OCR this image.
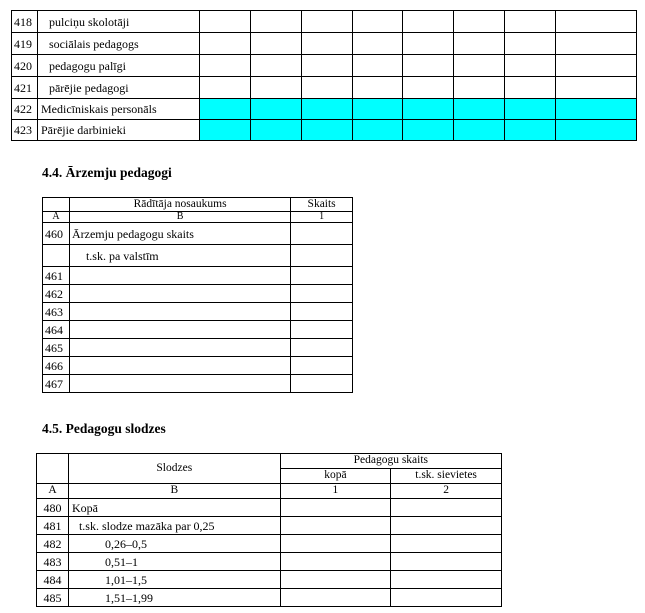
418	pulciņu skolotāji								
419	sociālais pedagogs								
420	pedagogu palīgi								
421	pārējie pedagogi								
422	Medicīniskais personāls								
423	Pārējie darbinieki								
4.4. Ārzemju pedagogi
	Rādītāja nosaukums	Skaits
A	B	1
460	Ārzemju pedagogu skaits	
	t.sk. pa valstīm	
461		
462		
463		
464		
465		
466		
467		
4.5. Pedagogu slodzes
	Slodzes	Pedagogu skaits	
		kopā	t.sk. sievietes
A	B	1	2
480	Kopā		
481	t.sk. slodze mazāka par 0,25		
482	0,26–0,5		
483	0,51–1		
484	1,01–1,5		
485	1,51–1,99		
